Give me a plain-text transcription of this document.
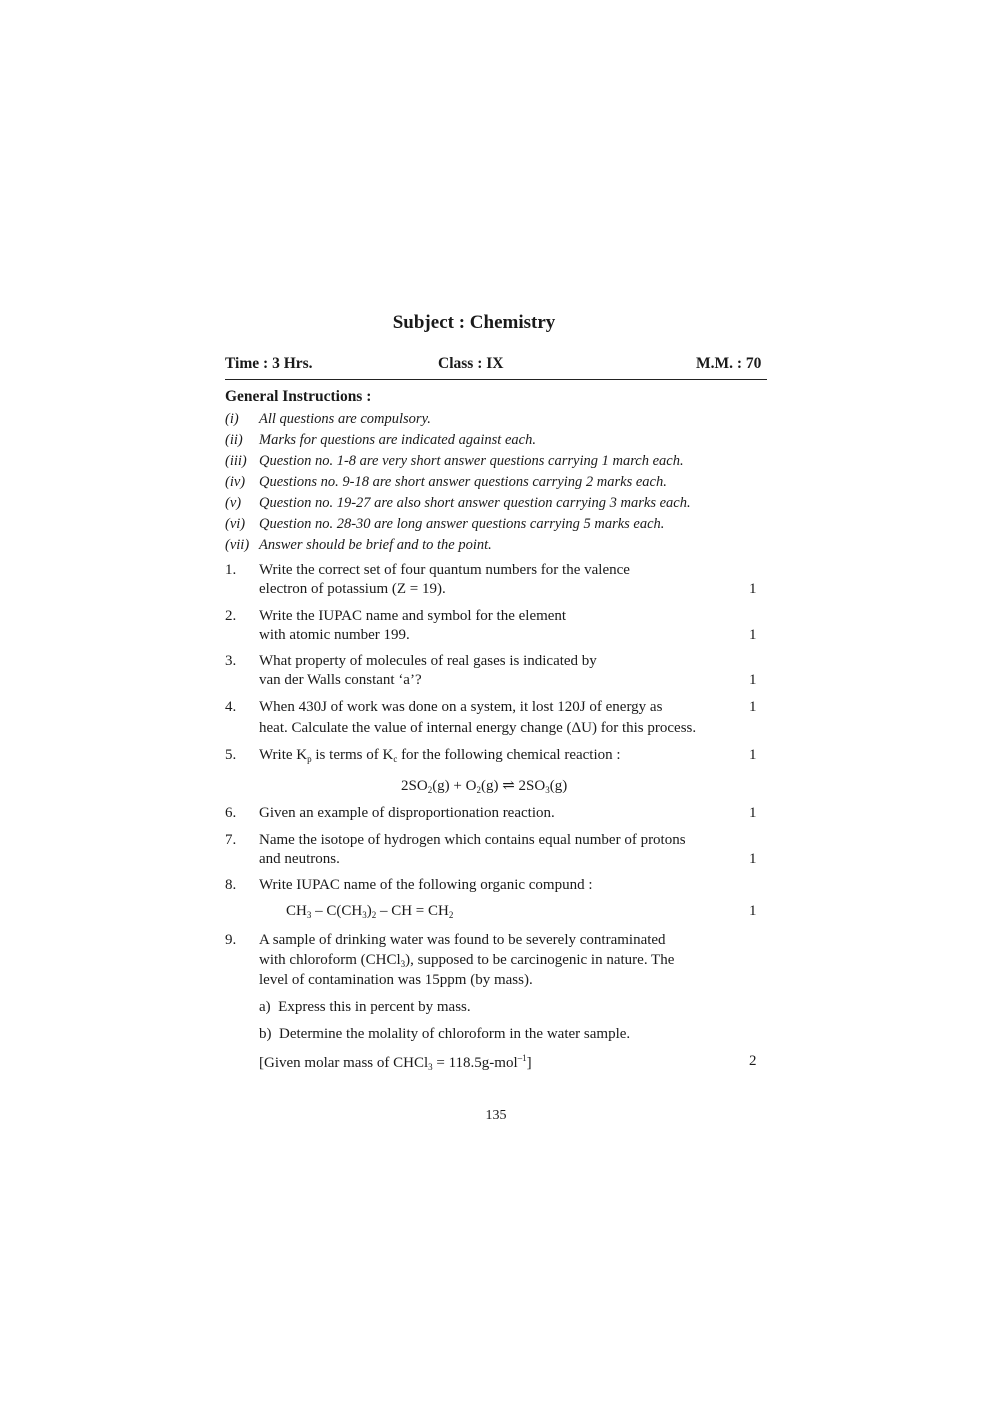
Subject : Chemistry
Time : 3 Hrs.	Class : IX	M.M. : 70
General Instructions :
(i) All questions are compulsory.
(ii) Marks for questions are indicated against each.
(iii) Question no. 1-8 are very short answer questions carrying 1 march each.
(iv) Questions no. 9-18 are short answer questions carrying 2 marks each.
(v) Question no. 19-27 are also short answer question carrying 3 marks each.
(vi) Question no. 28-30 are long answer questions carrying 5 marks each.
(vii) Answer should be brief and to the point.
1. Write the correct set of four quantum numbers for the valence
electron of potassium (Z = 19).	1
2. Write the IUPAC name and symbol for the element
with atomic number 199.	1
3. What property of molecules of real gases is indicated by
van der Walls constant ‘a’?	1
4. When 430J of work was done on a system, it lost 120J of energy as
heat. Calculate the value of internal energy change (ΔU) for this process.
1
5. Write $K_p$ is terms of $K_c$ for the following chemical reaction :	1
$2SO_2(g) + O_2(g)$ ⇌ $2SO_3(g)$
6. Given an example of disproportionation reaction.	1
7. Name the isotope of hydrogen which contains equal number of protons
and neutrons.	1
8. Write IUPAC name of the following organic compund :
$CH_3 - C(CH_3)_2$ – CH = $CH_2$	1
9. A sample of drinking water was found to be severely contraminated
with chloroform (CHCl$_3$), supposed to be carcinogenic in nature. The
level of contamination was 15ppm (by mass).
a) Express this in percent by mass.
b) Determine the molality of chloroform in the water sample.
[Given molar mass of CHCl$_3$ = 118.5g-mol$^{-1}$]	2
135
